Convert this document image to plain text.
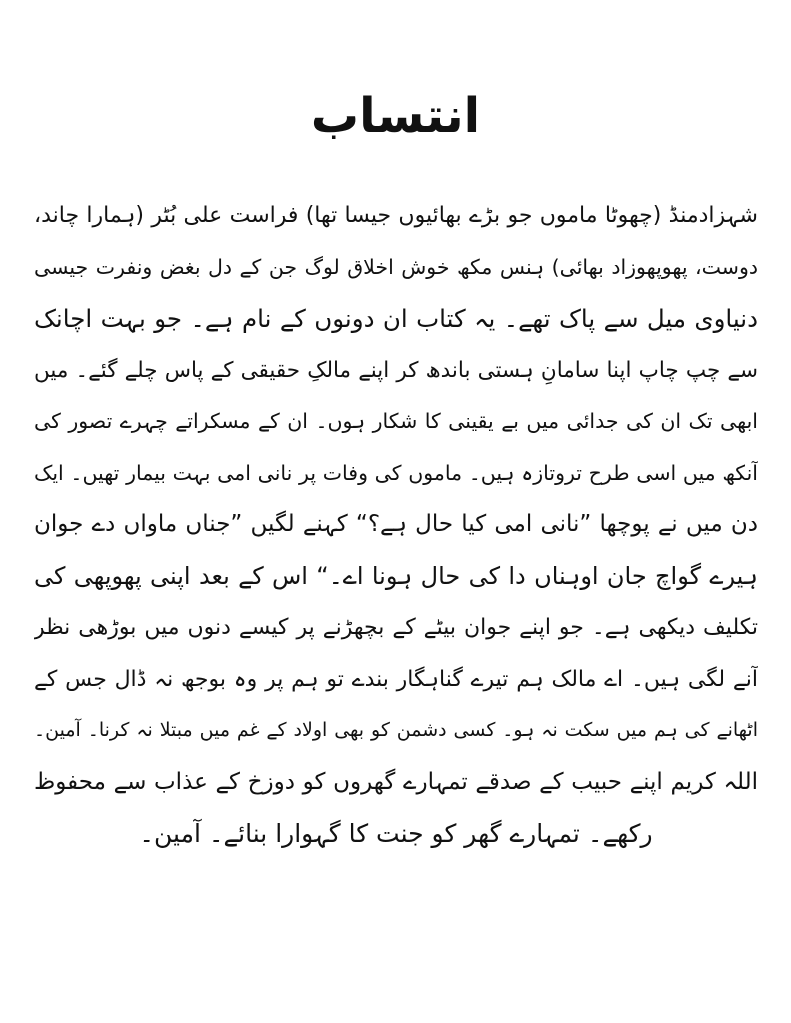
انتساب
شہزادمنڈ (چھوٹا ماموں جو بڑے بھائیوں جیسا تھا) فراست علی بُٹر (ہمارا چاند،
دوست، پھوپھوزاد بھائی) ہنس مکھ خوش اخلاق لوگ جن کے دل بغض ونفرت جیسی
دنیاوی میل سے پاک تھے۔ یہ کتاب ان دونوں کے نام ہے۔ جو بہت اچانک
سے چپ چاپ اپنا سامانِ ہستی باندھ کر اپنے مالکِ حقیقی کے پاس چلے گئے۔ میں
ابھی تک ان کی جدائی میں بے یقینی کا شکار ہوں۔ ان کے مسکراتے چہرے تصور کی
آنکھ میں اسی طرح تروتازہ ہیں۔ ماموں کی وفات پر نانی امی بہت بیمار تھیں۔ ایک
دن میں نے پوچھا ”نانی امی کیا حال ہے؟“ کہنے لگیں ”جناں ماواں دے جوان
ہیرے گواچ جان اوہناں دا کی حال ہونا اے۔“ اس کے بعد اپنی پھوپھی کی
تکلیف دیکھی ہے۔ جو اپنے جوان بیٹے کے بچھڑنے پر کیسے دنوں میں بوڑھی نظر
آنے لگی ہیں۔ اے مالک ہم تیرے گناہگار بندے تو ہم پر وہ بوجھ نہ ڈال جس کے
اٹھانے کی ہم میں سکت نہ ہو۔ کسی دشمن کو بھی اولاد کے غم میں مبتلا نہ کرنا۔ آمین۔
اللہ کریم اپنے حبیب کے صدقے تمہارے گھروں کو دوزخ کے عذاب سے محفوظ
رکھے۔ تمہارے گھر کو جنت کا گہوارا بنائے۔ آمین۔
